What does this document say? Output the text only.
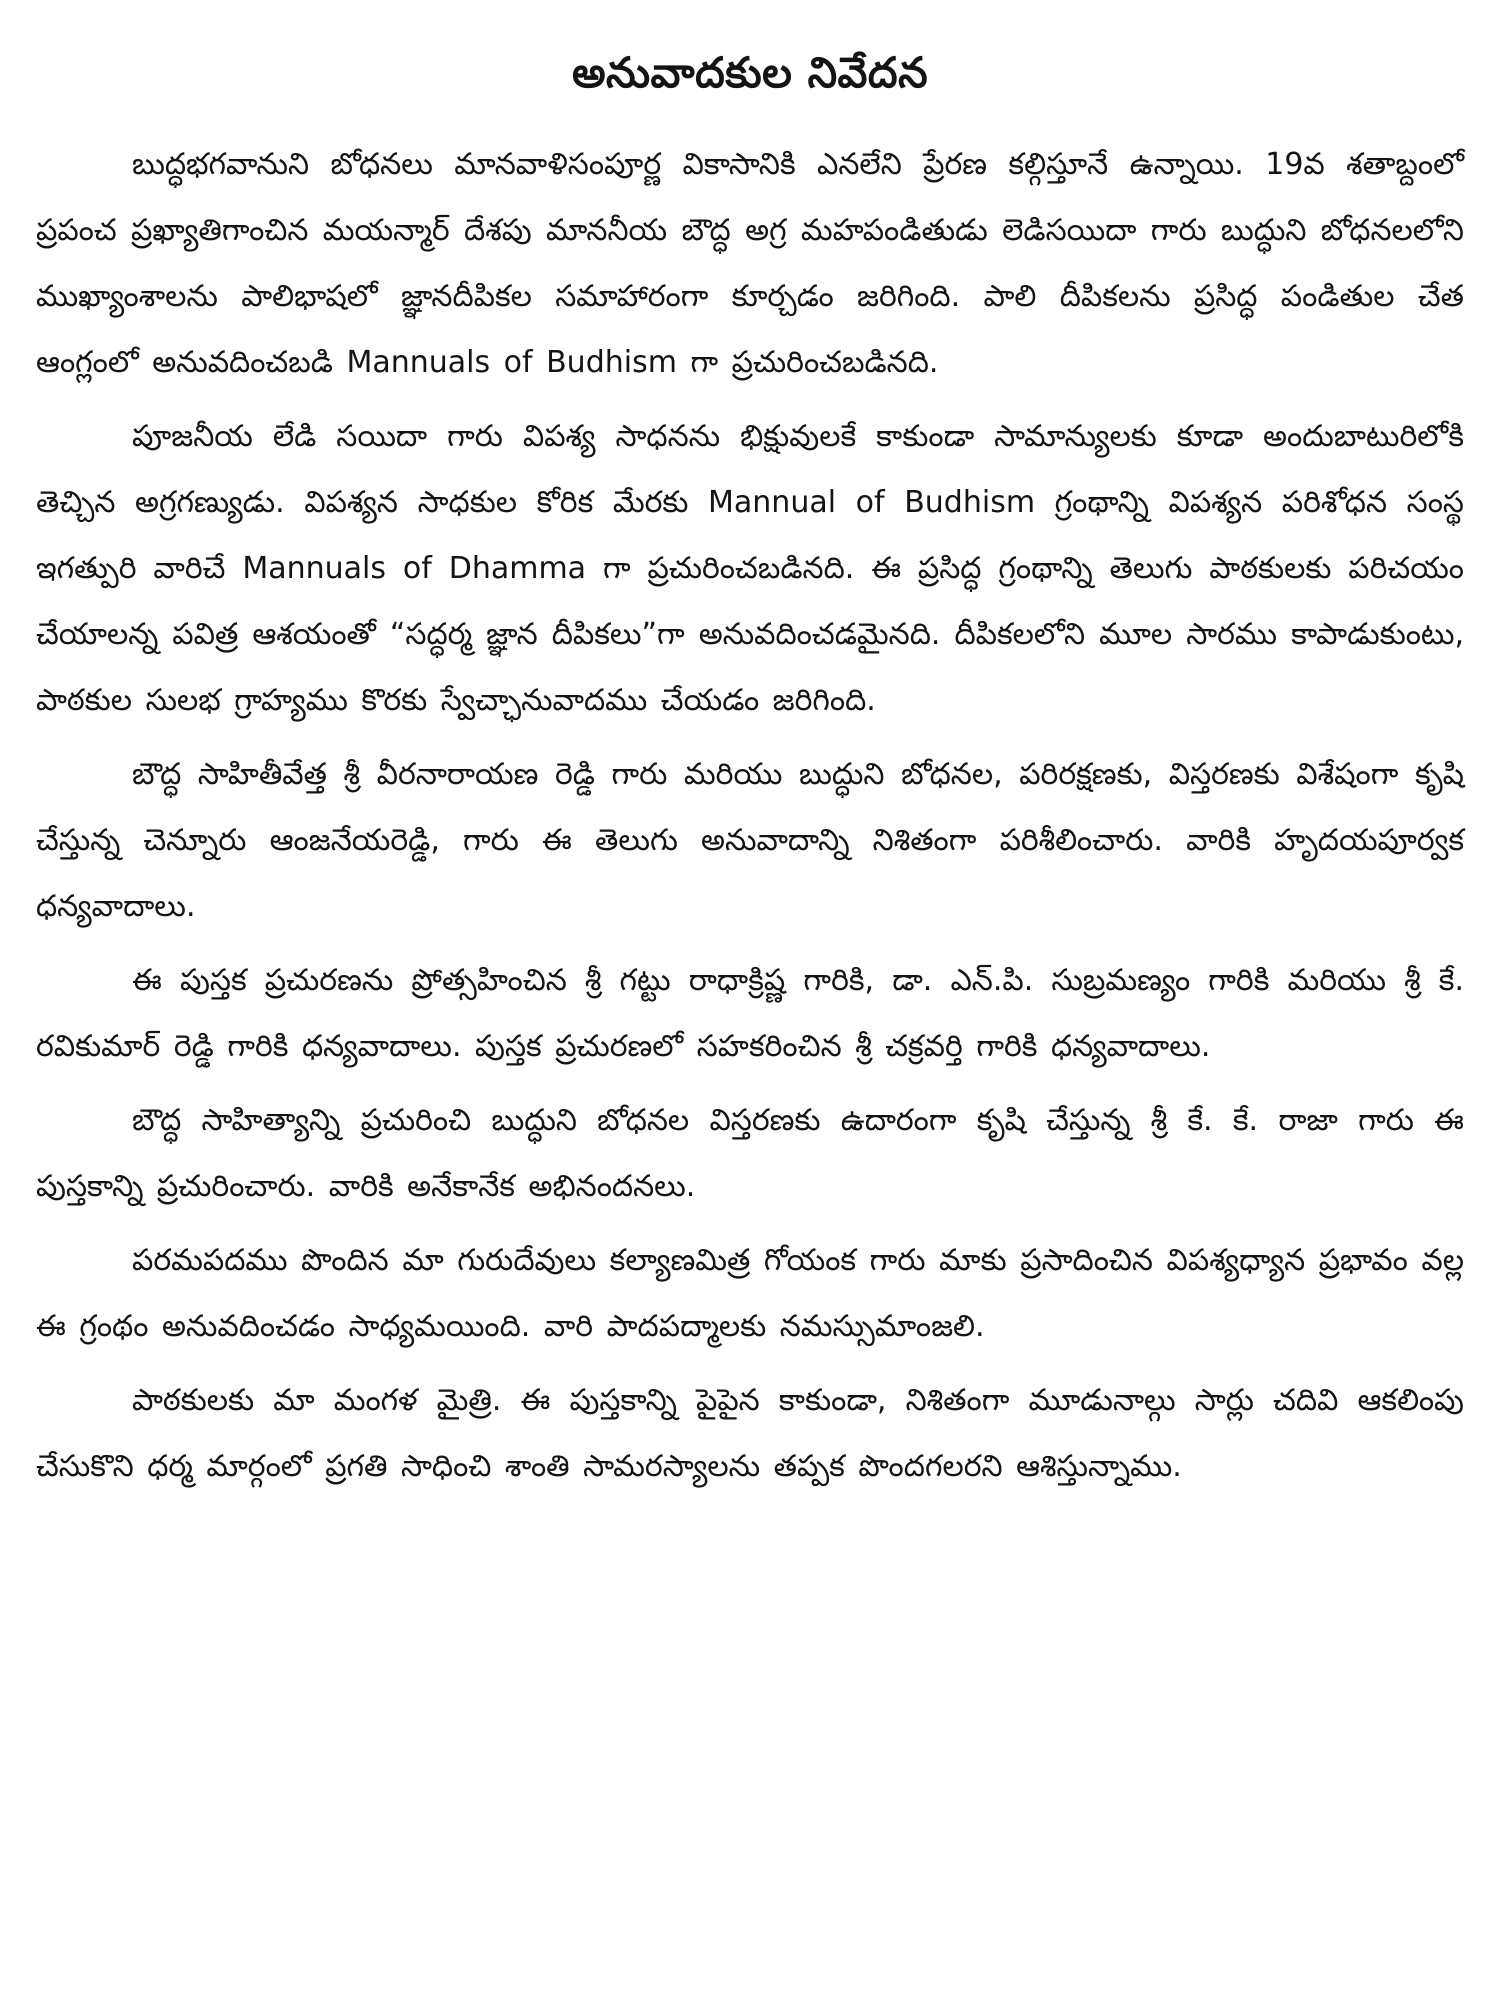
అనువాదకుల నివేదన

బుద్ధభగవానుని బోధనలు మానవాళిసంపూర్ణ వికాసానికి ఎనలేని ప్రేరణ కల్గిస్తూనే ఉన్నాయి. 19వ శతాబ్దంలో ప్రపంచ ప్రఖ్యాతిగాంచిన మయన్మార్ దేశపు మాననీయ బౌద్ధ అగ్ర మహపండితుడు లెడిసయిదా గారు బుద్ధుని బోధనలలోని ముఖ్యాంశాలను పాలిభాషలో జ్ఞానదీపికల సమాహారంగా కూర్చడం జరిగింది. పాలి దీపికలను ప్రసిద్ధ పండితుల చేత ఆంగ్లంలో అనువదించబడి Mannuals of Budhism గా ప్రచురించబడినది.

పూజనీయ లేడి సయిదా గారు విపశ్య సాధనను భిక్షువులకే కాకుండా సామాన్యులకు కూడా అందుబాటురిలోకి తెచ్చిన అగ్రగణ్యుడు. విపశ్యన సాధకుల కోరిక మేరకు Mannual of Budhism గ్రంథాన్ని విపశ్యన పరిశోధన సంస్థ ఇగత్పురి వారిచే Mannuals of Dhamma గా ప్రచురించబడినది. ఈ ప్రసిద్ధ గ్రంథాన్ని తెలుగు పాఠకులకు పరిచయం చేయాలన్న పవిత్ర ఆశయంతో “సద్ధర్మ జ్ఞాన దీపికలు”గా అనువదించడమైనది. దీపికలలోని మూల సారము కాపాడుకుంటు, పాఠకుల సులభ గ్రాహ్యము కొరకు స్వేచ్ఛానువాదము చేయడం జరిగింది.

బౌద్ధ సాహితీవేత్త శ్రీ వీరనారాయణ రెడ్డి గారు మరియు బుద్ధుని బోధనల, పరిరక్షణకు, విస్తరణకు విశేషంగా కృషి చేస్తున్న చెన్నూరు ఆంజనేయరెడ్డి, గారు ఈ తెలుగు అనువాదాన్ని నిశితంగా పరిశీలించారు. వారికి హృదయపూర్వక ధన్యవాదాలు.

ఈ పుస్తక ప్రచురణను ప్రోత్సహించిన శ్రీ గట్టు రాధాక్రిష్ణ గారికి, డా. ఎన్.పి. సుబ్రమణ్యం గారికి మరియు శ్రీ కే. రవికుమార్ రెడ్డి గారికి ధన్యవాదాలు. పుస్తక ప్రచురణలో సహకరించిన శ్రీ చక్రవర్తి గారికి ధన్యవాదాలు.

బౌద్ధ సాహిత్యాన్ని ప్రచురించి బుద్ధుని బోధనల విస్తరణకు ఉదారంగా కృషి చేస్తున్న శ్రీ కే. కే. రాజా గారు ఈ పుస్తకాన్ని ప్రచురించారు. వారికి అనేకానేక అభినందనలు.

పరమపదము పొందిన మా గురుదేవులు కల్యాణమిత్ర గోయంక గారు మాకు ప్రసాదించిన విపశ్యధ్యాన ప్రభావం వల్ల ఈ గ్రంథం అనువదించడం సాధ్యమయింది. వారి పాదపద్మాలకు నమస్సుమాంజలి.

పాఠకులకు మా మంగళ మైత్రి. ఈ పుస్తకాన్ని పైపైన కాకుండా, నిశితంగా మూడునాల్గు సార్లు చదివి ఆకలింపు చేసుకొని ధర్మ మార్గంలో ప్రగతి సాధించి శాంతి సామరస్యాలను తప్పక పొందగలరని ఆశిస్తున్నాము.
